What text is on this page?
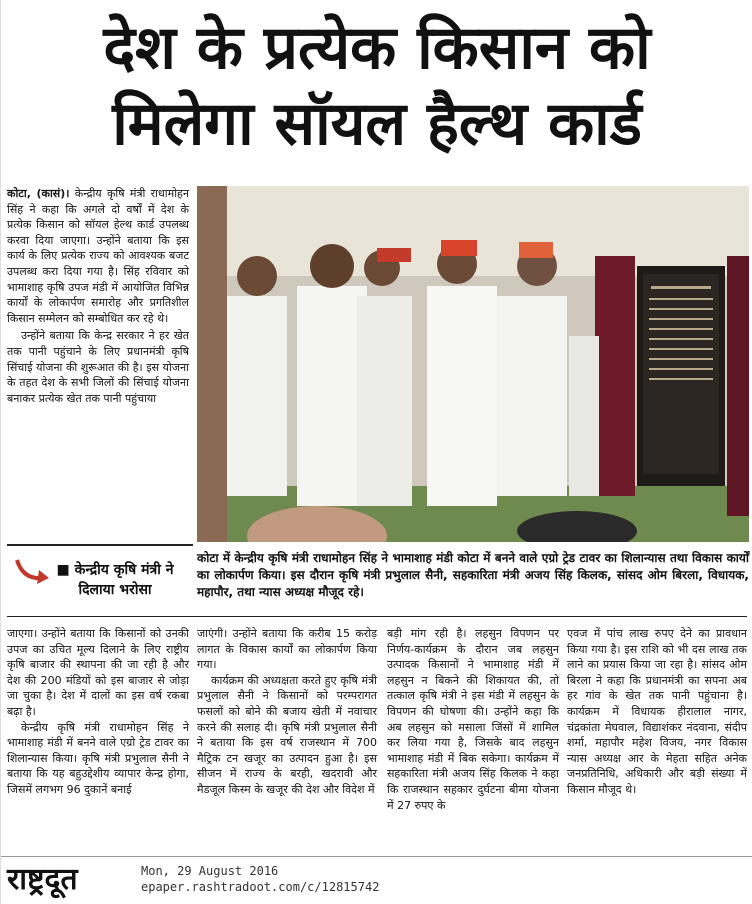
देश के प्रत्येक किसान को
मिलेगा सॉयल हैल्थ कार्ड

कोटा, (कासं)। केन्द्रीय कृषि मंत्री राधामोहन सिंह ने कहा कि अगले दो वर्षों में देश के प्रत्येक किसान को सॉयल हेल्थ कार्ड उपलब्ध करवा दिया जाएगा। उन्होंने बताया कि इस कार्य के लिए प्रत्येक राज्य को आवश्यक बजट उपलब्ध करा दिया गया है। सिंह रविवार को भामाशाह कृषि उपज मंडी में आयोजित विभिन्न कार्यों के लोकार्पण समारोह और प्रगतिशील किसान सम्मेलन को सम्बोधित कर रहे थे।

उन्होंने बताया कि केन्द्र सरकार ने हर खेत तक पानी पहुंचाने के लिए प्रधानमंत्री कृषि सिंचाई योजना की शुरूआत की है। इस योजना के तहत देश के सभी जिलों की सिंचाई योजना बनाकर प्रत्येक खेत तक पानी पहुंचाया

कोटा में केन्द्रीय कृषि मंत्री राधामोहन सिंह ने भामाशाह मंडी कोटा में बनने वाले एग्रो ट्रेड टावर का शिलान्यास तथा विकास कार्यों का लोकार्पण किया। इस दौरान कृषि मंत्री प्रभुलाल सैनी, सहकारिता मंत्री अजय सिंह किलक, सांसद ओम बिरला, विधायक, महापौर, तथा न्यास अध्यक्ष मौजूद रहे।
■ केन्द्रीय कृषि मंत्री ने दिलाया भरोसा

जाएगा। उन्होंने बताया कि किसानों को उनकी उपज का उचित मूल्य दिलाने के लिए राष्ट्रीय कृषि बाजार की स्थापना की जा रही है और देश की 200 मंडियों को इस बाजार से जोड़ा जा चुका है। देश में दालों का इस वर्ष रकबा बढ़ा है।

केन्द्रीय कृषि मंत्री राधामोहन सिंह ने भामाशाह मंडी में बनने वाले एग्रो ट्रेड टावर का शिलान्यास किया। कृषि मंत्री प्रभुलाल सैनी ने बताया कि यह बहुउद्देशीय व्यापार केन्द्र होगा, जिसमें लगभग 96 दुकानें बनाई

जाएंगी। उन्होंने बताया कि करीब 15 करोड़ लागत के विकास कार्यों का लोकार्पण किया गया।

कार्यक्रम की अध्यक्षता करते हुए कृषि मंत्री प्रभुलाल सैनी ने किसानों को परम्परागत फसलों को बोने की बजाय खेती में नवाचार करने की सलाह दी। कृषि मंत्री प्रभुलाल सैनी ने बताया कि इस वर्ष राजस्थान में 700 मैट्रिक टन खजूर का उत्पादन हुआ है। इस सीजन में राज्य के बरही, खदरावी और मैडजूल किस्म के खजूर की देश और विदेश में

बड़ी मांग रही है। लहसुन विपणन पर निर्णय-कार्यक्रम के दौरान जब लहसुन उत्पादक किसानों ने भामाशाह मंडी में लहसुन न बिकने की शिकायत की, तो तत्काल कृषि मंत्री ने इस मंडी में लहसुन के विपणन की घोषणा की। उन्होंने कहा कि अब लहसुन को मसाला जिंसों में शामिल कर लिया गया है, जिसके बाद लहसुन भामाशाह मंडी में बिक सकेगा। कार्यक्रम में सहकारिता मंत्री अजय सिंह किलक ने कहा कि राजस्थान सहकार दुर्घटना बीमा योजना में 27 रुपए के

एवज में पांच लाख रुपए देने का प्रावधान किया गया है। इस राशि को भी दस लाख तक लाने का प्रयास किया जा रहा है। सांसद ओम बिरला ने कहा कि प्रधानमंत्री का सपना अब हर गांव के खेत तक पानी पहुंचाना है। कार्यक्रम में विधायक हीरालाल नागर, चंद्रकांता मेघवाल, विद्याशंकर नंदवाना, संदीप शर्मा, महापौर महेश विजय, नगर विकास न्यास अध्यक्ष आर के मेहता सहित अनेक जनप्रतिनिधि, अधिकारी और बड़ी संख्या में किसान मौजूद थे।

राष्ट्रदूत	Mon, 29 August 2016
epaper.rashtradoot.com/c/12815742
